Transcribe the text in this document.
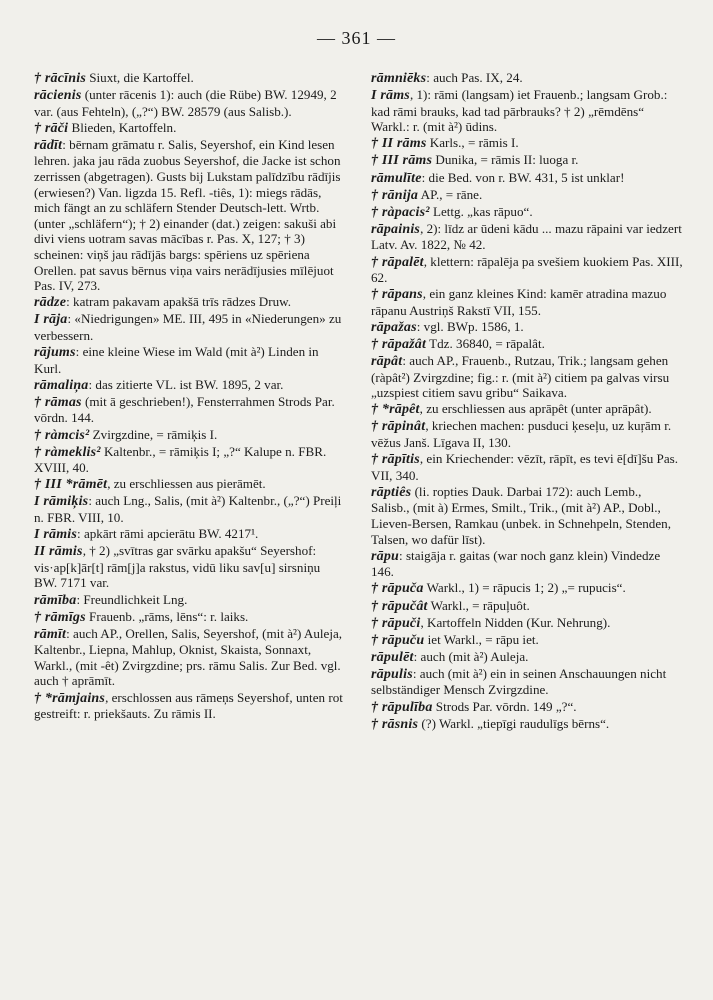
— 361 —

† rācīnis Siuxt, die Kartoffel.

rācienis (unter rācenis 1): auch (die Rübe) BW. 12949, 2 var. (aus Fehteln), („?“) BW. 28579 (aus Salisb.).

† rāči Blieden, Kartoffeln.

rādīt: bērnam grāmatu r. Salis, Seyershof, ein Kind lesen lehren. jaka jau rāda zuobus Seyershof, die Jacke ist schon zerrissen (abgetragen). Gusts bij Lukstam palīdzību rādījis (erwiesen?) Van. ligzda 15. Refl. -tiês, 1): miegs rādās, mich fängt an zu schläfern Stender Deutsch-lett. Wrtb. (unter „schläfern“); † 2) einander (dat.) zeigen: sakuši abi divi viens uotram savas mācības r. Pas. X, 127; † 3) scheinen: viņš jau rādījās bargs: spēriens uz spēriena Orellen. pat savus bērnus viņa vairs nerādījusies mīlējuot Pas. IV, 273.

rādze: katram pakavam apakšā trīs rādzes Druw.

I rāja: «Niedrigungen» ME. III, 495 in «Niederungen» zu verbessern.

rājums: eine kleine Wiese im Wald (mit à²) Linden in Kurl.

rāmaliņa: das zitierte VL. ist BW. 1895, 2 var.

† rāmas (mit ā geschrieben!), Fensterrahmen Strods Par. vōrdn. 144.

† ràmcis² Zvirgzdine, = rāmiķis I.

† ràmeklis² Kaltenbr., = rāmiķis I; „?“ Kalupe n. FBR. XVIII, 40.

† III *rāmēt, zu erschliessen aus pierāmēt.

I rāmiķis: auch Lng., Salis, (mit à²) Kaltenbr., („?“) Preiļi n. FBR. VIII, 10.

I rāmis: apkārt rāmi apcierātu BW. 4217¹.

II rāmis, † 2) „svītras gar svārku apakšu“ Seyershof: vis·ap[k]ār[t] rām[j]a rakstus, vidū liku sav[u] sirsniņu BW. 7171 var.

rāmība: Freundlichkeit Lng.

† rāmīgs Frauenb. „rāms, lēns“: r. laiks.

rāmīt: auch AP., Orellen, Salis, Seyershof, (mit à²) Auleja, Kaltenbr., Liepna, Mahlup, Oknist, Skaista, Sonnaxt, Warkl., (mit -êt) Zvirgzdine; prs. rāmu Salis. Zur Bed. vgl. auch † aprāmīt.

† *rāmjains, erschlossen aus rāmeņs Seyershof, unten rot gestreift: r. priekšauts. Zu rāmis II.

rāmniēks: auch Pas. IX, 24.

I rāms, 1): rāmi (langsam) iet Frauenb.; langsam Grob.: kad rāmi brauks, kad tad pārbrauks? † 2) „rēmdēns“ Warkl.: r. (mit à²) ūdins.

† II rāms Karls., = rāmis I.

† III rāms Dunika, = rāmis II: luoga r.

rāmulīte: die Bed. von r. BW. 431, 5 ist unklar!

† rānija AP., = rāne.

† ràpacis² Lettg. „kas rāpuo“.

rāpainis, 2): līdz ar ūdeni kādu ... mazu rāpaini var iedzert Latv. Av. 1822, № 42.

† rāpalēt, klettern: rāpalēja pa svešiem kuokiem Pas. XIII, 62.

† rāpans, ein ganz kleines Kind: kamēr atradina mazuo rāpanu Austriņš Rakstī VII, 155.

rāpažas: vgl. BWp. 1586, 1.

† rāpažât Tdz. 36840, = rāpalât.

rāpât: auch AP., Frauenb., Rutzau, Trik.; langsam gehen (ràpât²) Zvirgzdine; fig.: r. (mit à²) citiem pa galvas virsu „uzspiest citiem savu gribu“ Saikava.

† *rāpêt, zu erschliessen aus aprāpêt (unter aprāpât).

† rāpinât, kriechen machen: pusduci ķeseļu, uz kuŗām r. vēžus Janš. Līgava II, 130.

† rāpītis, ein Kriechender: vēzīt, rāpīt, es tevi ē[dī]šu Pas. VII, 340.

rāptiês (li. ropties Dauk. Darbai 172): auch Lemb., Salisb., (mit à) Ermes, Smilt., Trik., (mit à²) AP., Dobl., Lieven-Bersen, Ramkau (unbek. in Schnehpeln, Stenden, Talsen, wo dafür līst).

rāpu: staigāja r. gaitas (war noch ganz klein) Vindedze 146.

† rāpuča Warkl., 1) = rāpucis 1; 2) „= rupucis“.

† rāpučât Warkl., = rāpuļuôt.

† rāpuči, Kartoffeln Nidden (Kur. Nehrung).

† rāpuču iet Warkl., = rāpu iet.

rāpulēt: auch (mit à²) Auleja.

rāpulis: auch (mit à²) ein in seinen Anschauungen nicht selbständiger Mensch Zvirgzdine.

† rāpulība Strods Par. vōrdn. 149 „?“.

† rāsnis (?) Warkl. „tiepīgi raudulīgs bērns“.
